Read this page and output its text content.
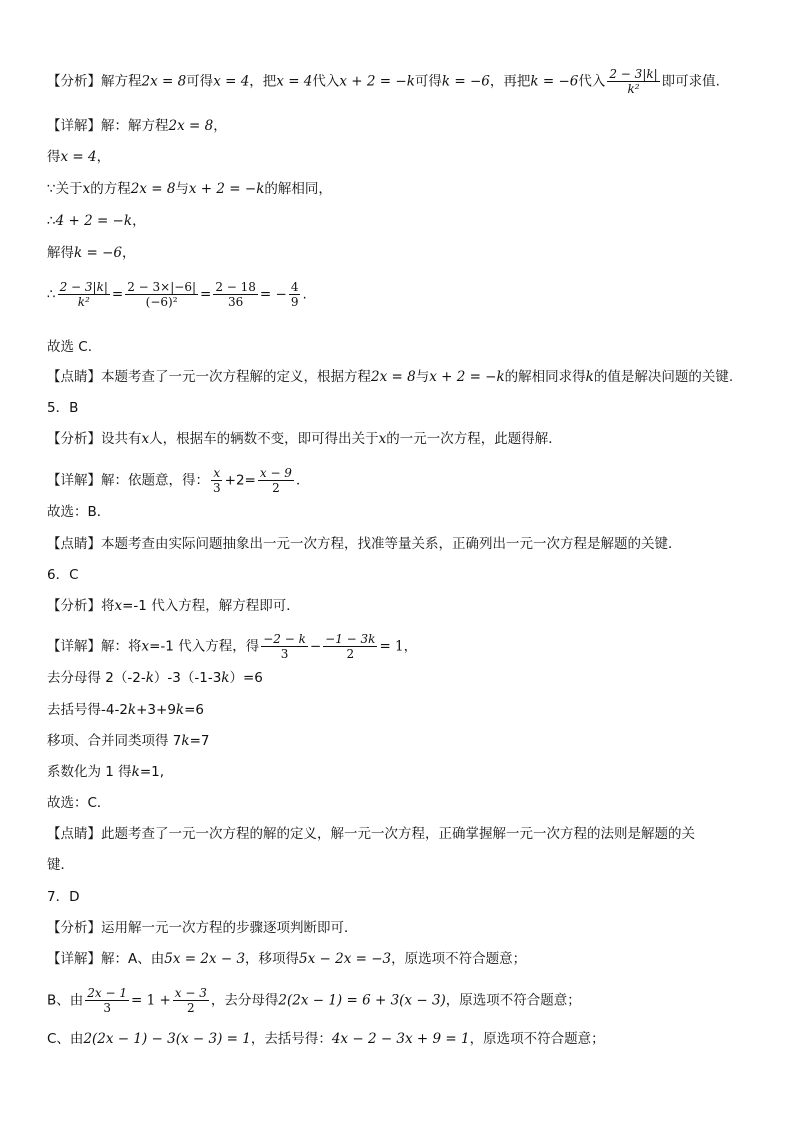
【分析】解方程2x = 8可得x = 4，把x = 4代入x + 2 = −k可得k = −6，再把k = −6代入 $\frac{2 - 3|k|}{\text{k²}}$ 即可求值.
【详解】解：解方程2x = 8，
得x = 4，
∵关于x的方程2x = 8与x + 2 = −k的解相同，
∴4 + 2 = −k，
解得k = −6，
∴ $\frac{2 - 3|k|}{\text{k²}} = \frac{2 - 3\times|-6|}{\text{(−6)²}} = \frac{2 - 18}{36}$ = − $\frac{4}{9}$ .
故选 C.
【点睛】本题考查了一元一次方程解的定义，根据方程2x = 8与x + 2 = −k的解相同求得k的值是解决问题的关键.
5．B
【分析】设共有x人，根据车的辆数不变，即可得出关于x的一元一次方程，此题得解．
【详解】解：依题意，得： $\frac{x}{3} +2= \frac{x - 9}{2}$ ．
故选：B．
【点睛】本题考查由实际问题抽象出一元一次方程，找准等量关系，正确列出一元一次方程是解题的关键．
6．C
【分析】将x=-1 代入方程，解方程即可．
【详解】解：将x=-1 代入方程，得 $\frac{-2 - k}{3} - \frac{-1 - 3k}{2} = 1$，
去分母得 2（-2-k）-3（-1-3k）=6
去括号得-4-2k+3+9k=6
移项、合并同类项得 7k=7
系数化为 1 得k=1,
故选：C．
【点睛】此题考查了一元一次方程的解的定义，解一元一次方程，正确掌握解一元一次方程的法则是解题的关
键．
7．D
【分析】运用解一元一次方程的步骤逐项判断即可．
【详解】解：A、由5x = 2x − 3，移项得5x − 2x = −3，原选项不符合题意；
B、由 $\frac{2x - 1}{3} = 1 + \frac{x - 3}{2}$ ，去分母得2(2x − 1) = 6 + 3(x − 3)，原选项不符合题意；
C、由2(2x − 1) − 3(x − 3) = 1，去括号得：4x − 2 − 3x + 9 = 1，原选项不符合题意；
